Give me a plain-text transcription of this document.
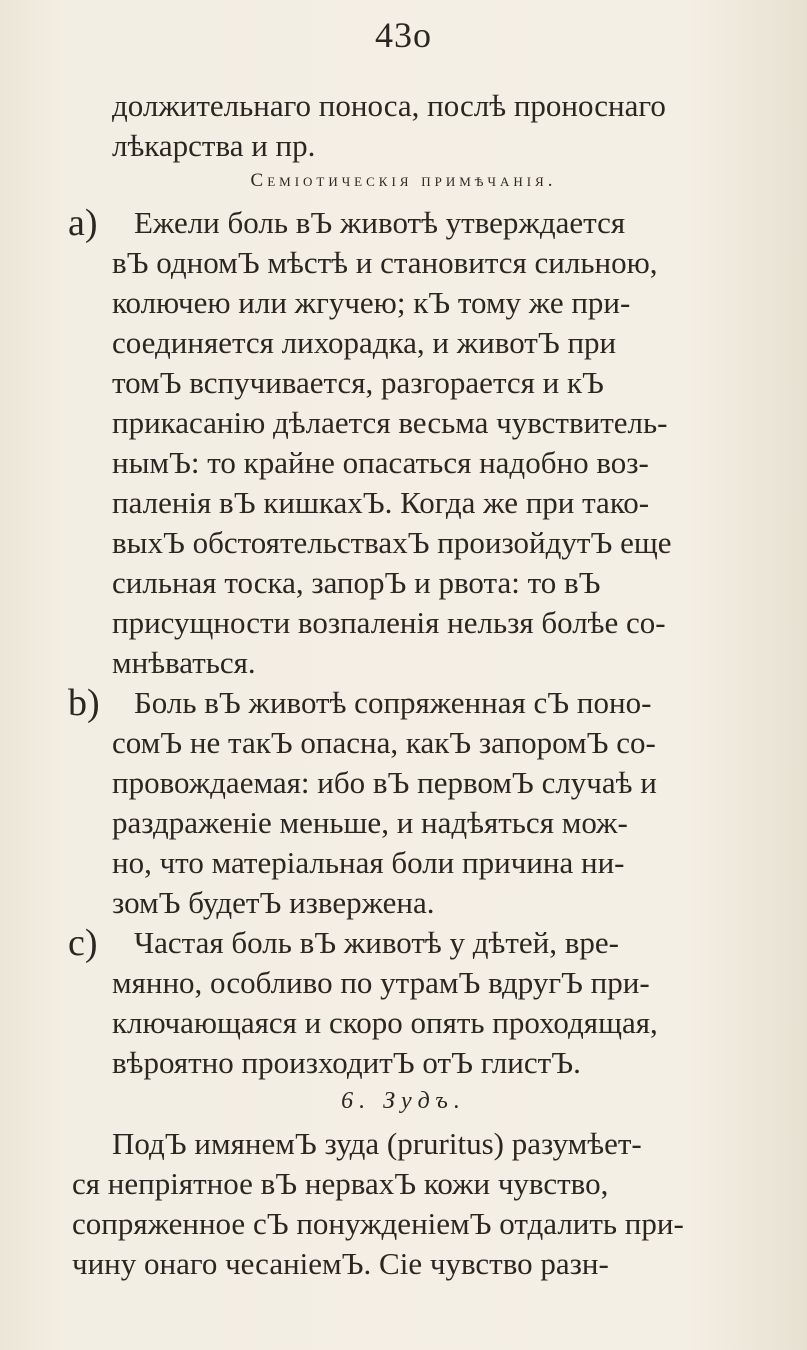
43о
должительнаго поноса, послѣ проноснаго
лѣкарства и пр.
Семiотическiя примѣчанiя.
a) Ежели боль вЪ животѣ утверждается
вЪ одномЪ мѣстѣ и становится сильною,
колючею или жгучею; кЪ тому же при-
соединяется лихорадка, и животЪ при
томЪ вспучивается, разгорается и кЪ
прикасанiю дѣлается весьма чувствитель-
нымЪ: то крайне опасаться надобно воз-
паленiя вЪ кишкахЪ. Когда же при тако-
выхЪ обстоятельствахЪ произойдутЪ еще
сильная тоска, запорЪ и рвота: то вЪ
присущности возпаленiя нельзя болѣе со-
мнѣваться.
b) Боль вЪ животѣ сопряженная сЪ поно-
сомЪ не такЪ опасна, какЪ запоромЪ со-
провождаемая: ибо вЪ первомЪ случаѣ и
раздраженiе меньше, и надѣяться мож-
но, что матерiальная боли причина ни-
зомЪ будетЪ извержена.
c) Частая боль вЪ животѣ у дѣтей, вре-
мянно, особливо по утрамЪ вдругЪ при-
ключающаяся и скоро опять проходящая,
вѣроятно произходитЪ отЪ глистЪ.
6. Зудъ.
ПодЪ имянемЪ зуда (pruritus) разумѣет-
ся непрiятное вЪ нервахЪ кожи чувство,
сопряженное сЪ понужденiемЪ отдалить при-
чину онаго чесанiемЪ. Сiе чувство разн-
